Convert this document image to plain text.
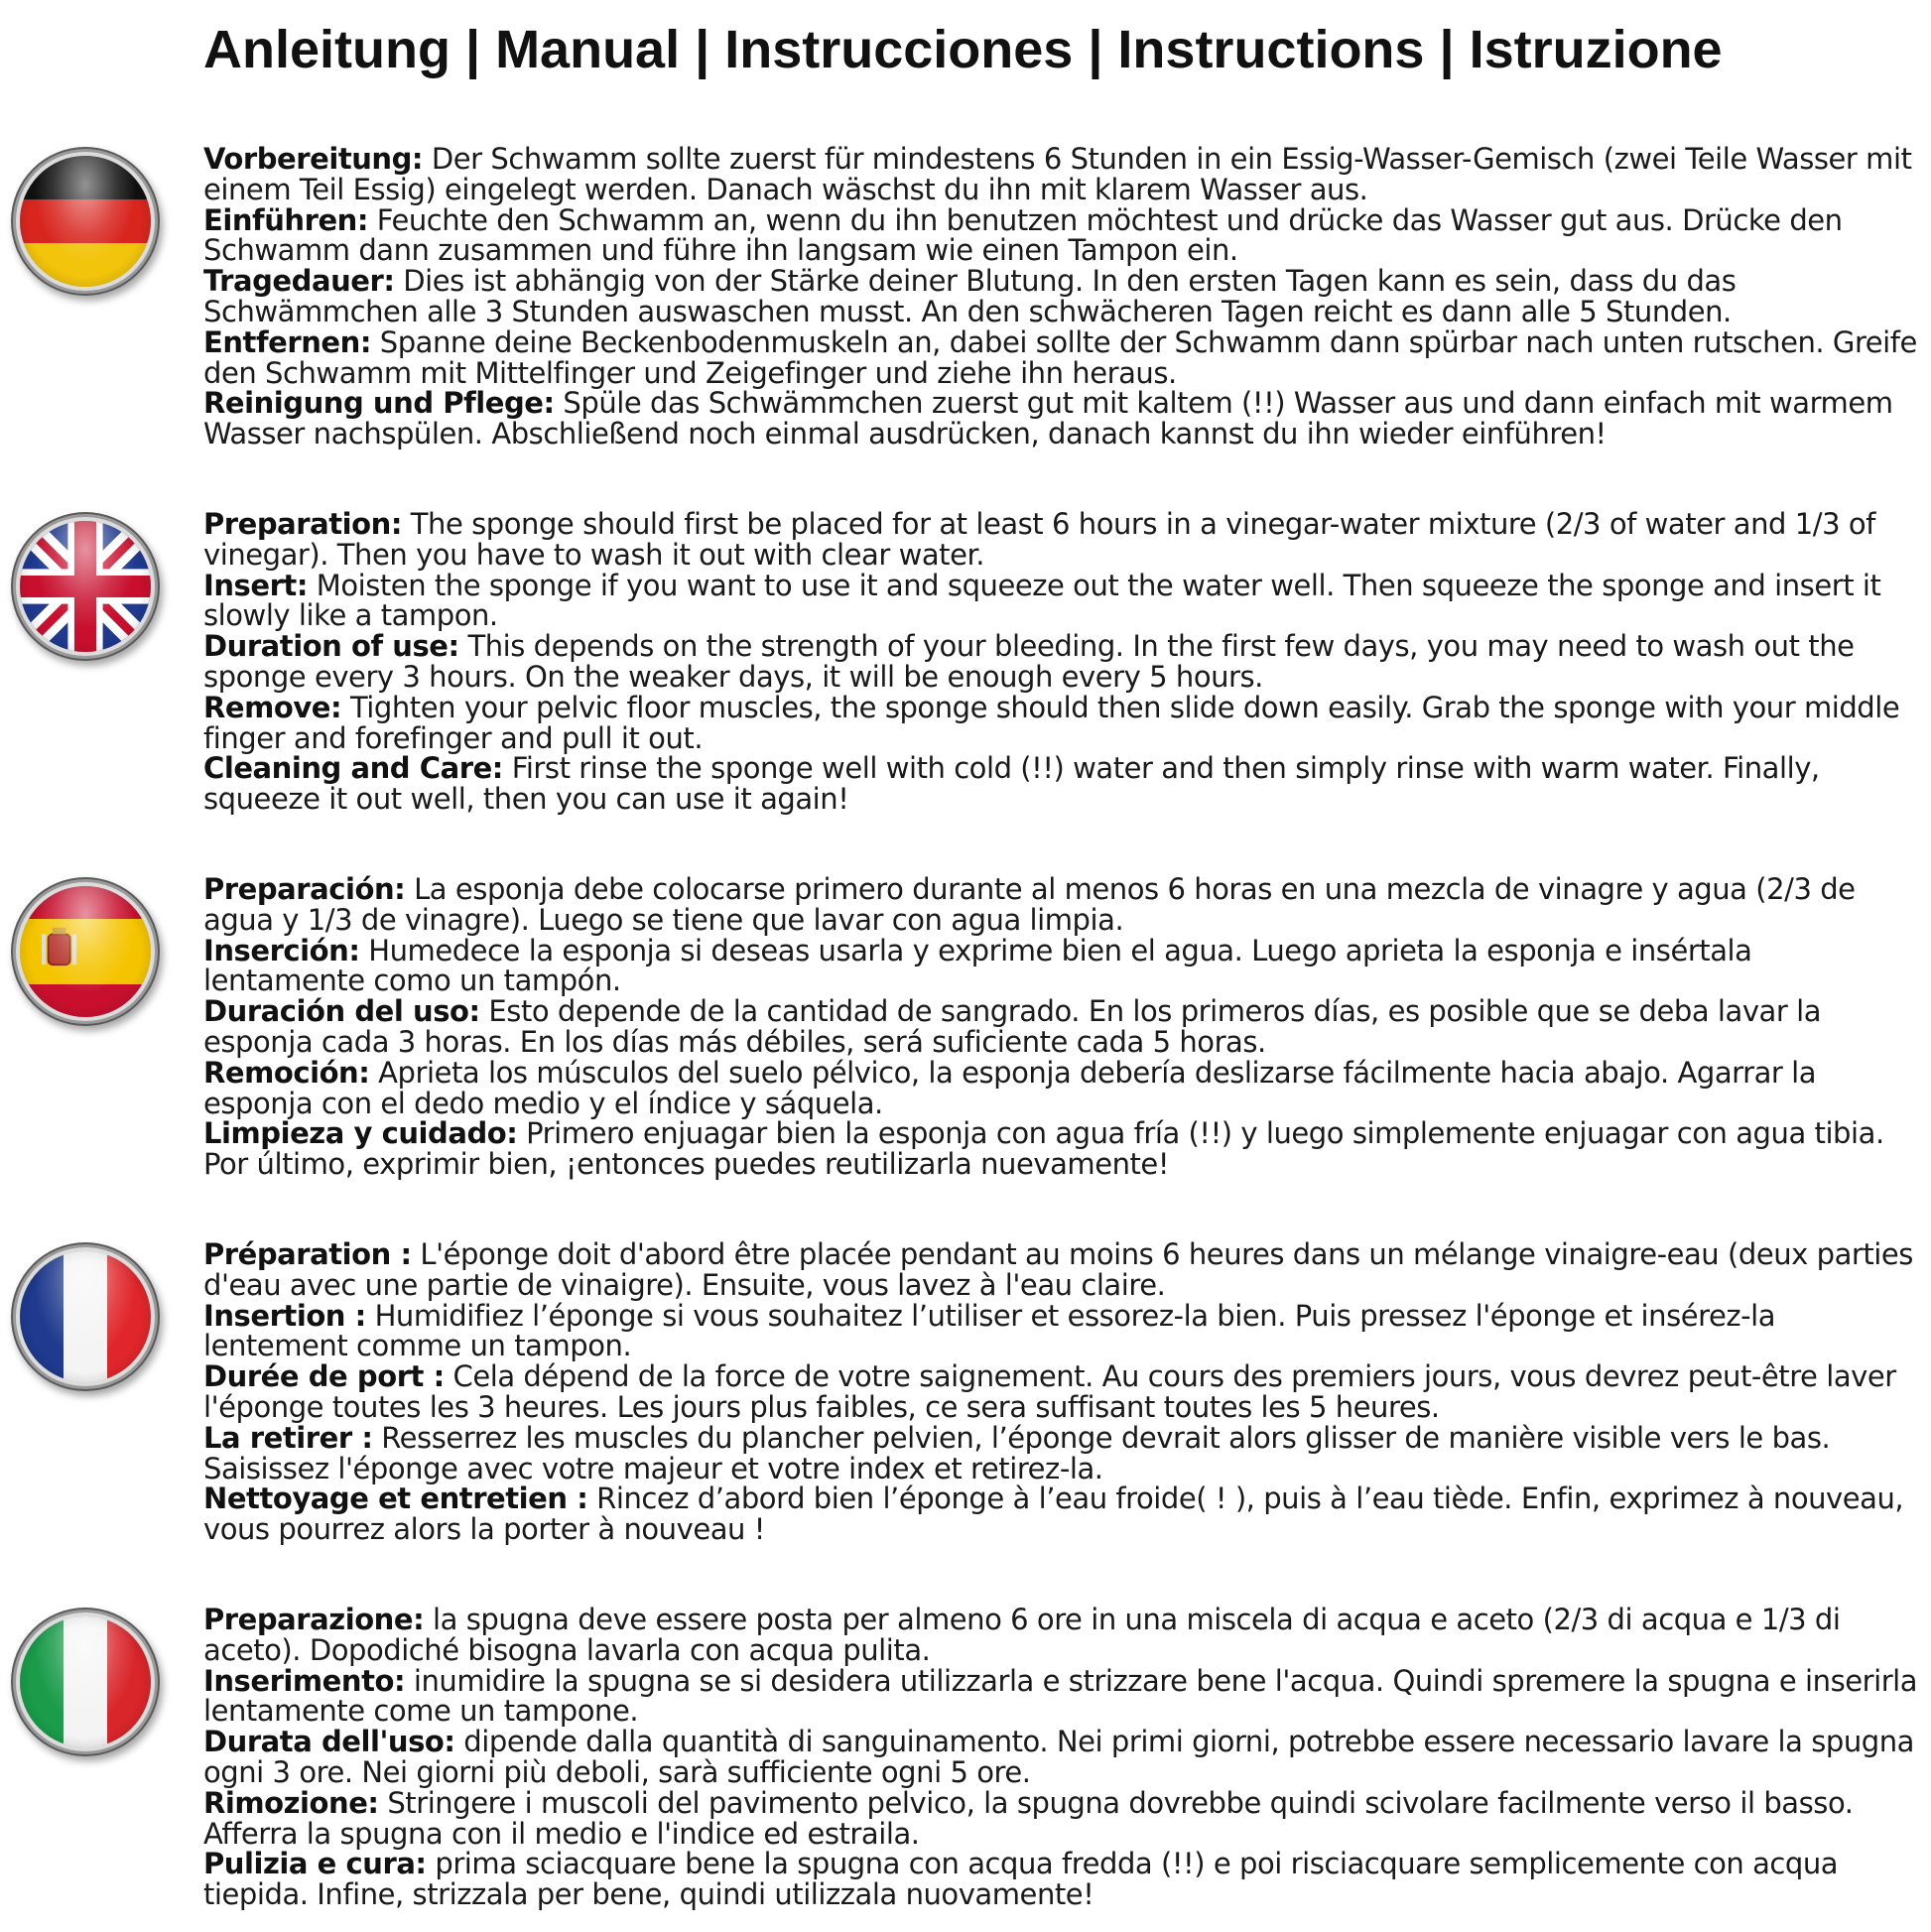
Anleitung | Manual | Instrucciones | Instructions | Istruzione

Vorbereitung: Der Schwamm sollte zuerst für mindestens 6 Stunden in ein Essig-Wasser-Gemisch (zwei Teile Wasser mit einem Teil Essig) eingelegt werden. Danach wäschst du ihn mit klarem Wasser aus.

Einführen: Feuchte den Schwamm an, wenn du ihn benutzen möchtest und drücke das Wasser gut aus. Drücke den Schwamm dann zusammen und führe ihn langsam wie einen Tampon ein.

Tragedauer: Dies ist abhängig von der Stärke deiner Blutung. In den ersten Tagen kann es sein, dass du das Schwämmchen alle 3 Stunden auswaschen musst. An den schwächeren Tagen reicht es dann alle 5 Stunden.

Entfernen: Spanne deine Beckenbodenmuskeln an, dabei sollte der Schwamm dann spürbar nach unten rutschen. Greife den Schwamm mit Mittelfinger und Zeigefinger und ziehe ihn heraus.

Reinigung und Pflege: Spüle das Schwämmchen zuerst gut mit kaltem (!!) Wasser aus und dann einfach mit warmem Wasser nachspülen. Abschließend noch einmal ausdrücken, danach kannst du ihn wieder einführen!

Preparation: The sponge should first be placed for at least 6 hours in a vinegar-water mixture (2/3 of water and 1/3 of vinegar). Then you have to wash it out with clear water.

Insert: Moisten the sponge if you want to use it and squeeze out the water well. Then squeeze the sponge and insert it slowly like a tampon.

Duration of use: This depends on the strength of your bleeding. In the first few days, you may need to wash out the sponge every 3 hours. On the weaker days, it will be enough every 5 hours.

Remove: Tighten your pelvic floor muscles, the sponge should then slide down easily. Grab the sponge with your middle finger and forefinger and pull it out.

Cleaning and Care: First rinse the sponge well with cold (!!) water and then simply rinse with warm water. Finally, squeeze it out well, then you can use it again!

Preparación: La esponja debe colocarse primero durante al menos 6 horas en una mezcla de vinagre y agua (2/3 de agua y 1/3 de vinagre). Luego se tiene que lavar con agua limpia.

Inserción: Humedece la esponja si deseas usarla y exprime bien el agua. Luego aprieta la esponja e insértala lentamente como un tampón.

Duración del uso: Esto depende de la cantidad de sangrado. En los primeros días, es posible que se deba lavar la esponja cada 3 horas. En los días más débiles, será suficiente cada 5 horas.

Remoción: Aprieta los músculos del suelo pélvico, la esponja debería deslizarse fácilmente hacia abajo. Agarrar la esponja con el dedo medio y el índice y sáquela.

Limpieza y cuidado: Primero enjuagar bien la esponja con agua fría (!!) y luego simplemente enjuagar con agua tibia. Por último, exprimir bien, ¡entonces puedes reutilizarla nuevamente!

Préparation : L'éponge doit d'abord être placée pendant au moins 6 heures dans un mélange vinaigre-eau (deux parties d'eau avec une partie de vinaigre). Ensuite, vous lavez à l'eau claire.

Insertion : Humidifiez l’éponge si vous souhaitez l’utiliser et essorez-la bien. Puis pressez l'éponge et insérez-la lentement comme un tampon.

Durée de port : Cela dépend de la force de votre saignement. Au cours des premiers jours, vous devrez peut-être laver l'éponge toutes les 3 heures. Les jours plus faibles, ce sera suffisant toutes les 5 heures.

La retirer : Resserrez les muscles du plancher pelvien, l’éponge devrait alors glisser de manière visible vers le bas. Saisissez l'éponge avec votre majeur et votre index et retirez-la.

Nettoyage et entretien : Rincez d’abord bien l’éponge à l’eau froide( ! ), puis à l’eau tiède. Enfin, exprimez à nouveau, vous pourrez alors la porter à nouveau !

Preparazione: la spugna deve essere posta per almeno 6 ore in una miscela di acqua e aceto (2/3 di acqua e 1/3 di aceto). Dopodiché bisogna lavarla con acqua pulita.

Inserimento: inumidire la spugna se si desidera utilizzarla e strizzare bene l'acqua. Quindi spremere la spugna e inserirla lentamente come un tampone.

Durata dell'uso: dipende dalla quantità di sanguinamento. Nei primi giorni, potrebbe essere necessario lavare la spugna ogni 3 ore. Nei giorni più deboli, sarà sufficiente ogni 5 ore.

Rimozione: Stringere i muscoli del pavimento pelvico, la spugna dovrebbe quindi scivolare facilmente verso il basso. Afferra la spugna con il medio e l'indice ed estraila.

Pulizia e cura: prima sciacquare bene la spugna con acqua fredda (!!) e poi risciacquare semplicemente con acqua tiepida. Infine, strizzala per bene, quindi utilizzala nuovamente!
